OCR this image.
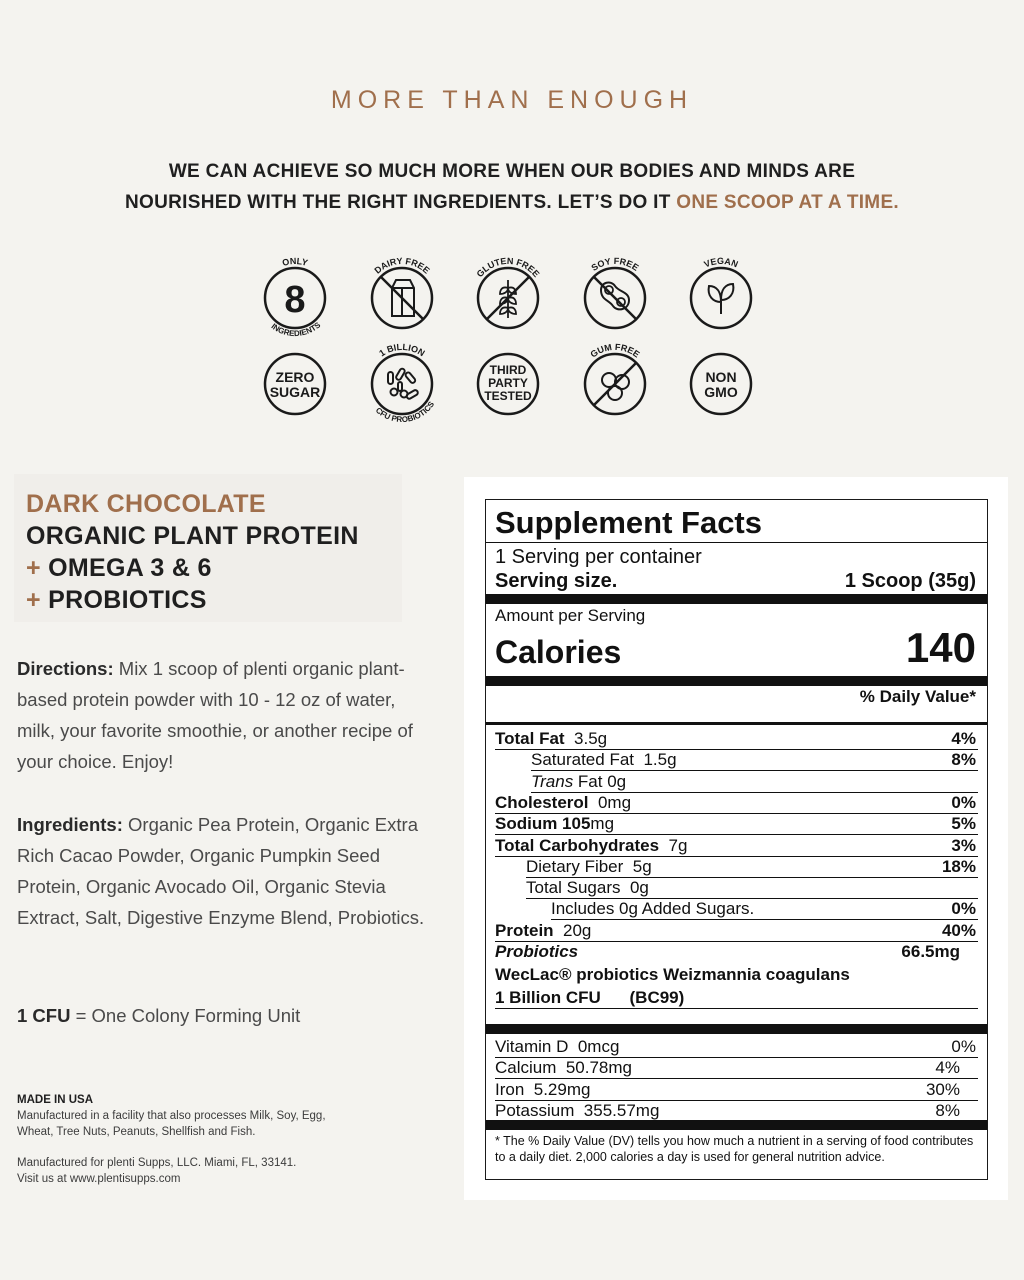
MORE THAN ENOUGH
WE CAN ACHIEVE SO MUCH MORE WHEN OUR BODIES AND MINDS ARE
NOURISHED WITH THE RIGHT INGREDIENTS. LET’S DO IT ONE SCOOP AT A TIME.
ONLY
8
INGREDIENTS
DAIRY FREE	GLUTEN FREE
SOY FREE	VEGAN
ZERO
SUGAR
1 BILLION
CFU PROBIOTICS
THIRD
PARTY
TESTED
GUM FREE
NON
GMO
DARK CHOCOLATE
ORGANIC PLANT PROTEIN
+ OMEGA 3 & 6
+ PROBIOTICS
Directions: Mix 1 scoop of plenti organic plant-based protein powder with 10 - 12 oz of water, milk, your favorite smoothie, or another recipe of your choice. Enjoy!
Ingredients: Organic Pea Protein, Organic Extra Rich Cacao Powder, Organic Pumpkin Seed Protein, Organic Avocado Oil, Organic Stevia Extract, Salt, Digestive Enzyme Blend, Probiotics.
1 CFU = One Colony Forming Unit
MADE IN USA
Manufactured in a facility that also processes Milk, Soy, Egg, Wheat, Tree Nuts, Peanuts, Shellfish and Fish.
Manufactured for plenti Supps, LLC. Miami, FL, 33141.
Visit us at www.plentisupps.com
Supplement Facts
1 Serving per container
Serving size.	1 Scoop (35g)
Amount per Serving
Calories	140
% Daily Value*
Total Fat  3.5g	4%
Saturated Fat  1.5g	8%
Trans Fat 0g
Cholesterol  0mg	0%
Sodium 105mg	5%
Total Carbohydrates  7g	3%
Dietary Fiber  5g	18%
Total Sugars  0g
Includes 0g Added Sugars.	0%
Protein  20g	40%
Probiotics	66.5mg
WecLac® probiotics Weizmannia coagulans
1 Billion CFU (BC99)
Vitamin D  0mcg	0%
Calcium  50.78mg	4%
Iron  5.29mg	30%
Potassium  355.57mg	8%
* The % Daily Value (DV) tells you how much a nutrient in a serving of food contributes to a daily diet. 2,000 calories a day is used for general nutrition advice.
